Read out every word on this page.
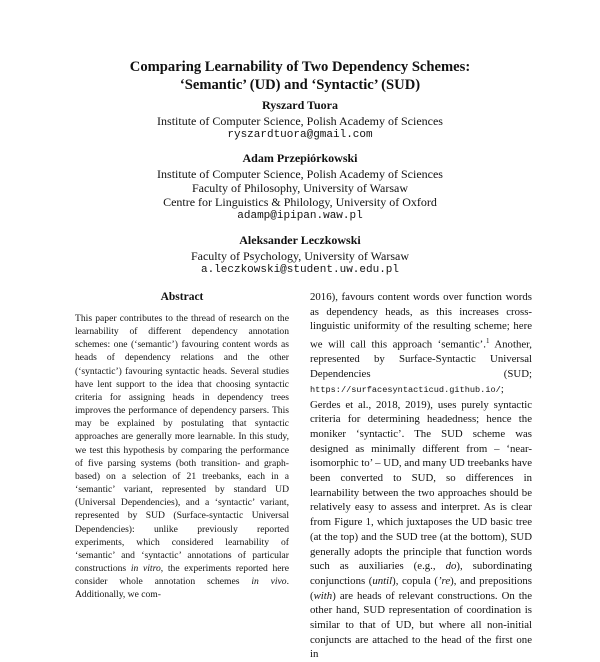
Comparing Learnability of Two Dependency Schemes:
‘Semantic’ (UD) and ‘Syntactic’ (SUD)
Ryszard Tuora
Institute of Computer Science, Polish Academy of Sciences
ryszardtuora@gmail.com
Adam Przepiórkowski
Institute of Computer Science, Polish Academy of Sciences
Faculty of Philosophy, University of Warsaw
Centre for Linguistics & Philology, University of Oxford
adamp@ipipan.waw.pl
Aleksander Leczkowski
Faculty of Psychology, University of Warsaw
a.leczkowski@student.uw.edu.pl
Abstract
This paper contributes to the thread of research on the learnability of different dependency annotation schemes: one (‘semantic’) favouring content words as heads of dependency relations and the other (‘syntactic’) favouring syntactic heads. Several studies have lent support to the idea that choosing syntactic criteria for assigning heads in dependency trees improves the performance of dependency parsers. This may be explained by postulating that syntactic approaches are generally more learnable. In this study, we test this hypothesis by comparing the performance of five parsing systems (both transition- and graph-based) on a selection of 21 treebanks, each in a ‘semantic’ variant, represented by standard UD (Universal Dependencies), and a ‘syntactic’ variant, represented by SUD (Surface-syntactic Universal Dependencies): unlike previously reported experiments, which considered learnability of ‘semantic’ and ‘syntactic’ annotations of particular constructions in vitro, the experiments reported here consider whole annotation schemes in vivo. Additionally, we com-
2016), favours content words over function words as dependency heads, as this increases cross-linguistic uniformity of the resulting scheme; here we will call this approach ‘semantic’.$^1$ Another, represented by Surface-Syntactic Universal Dependencies (SUD; https://surfacesyntacticud.github.io/; Gerdes et al., 2018, 2019), uses purely syntactic criteria for determining headedness; hence the moniker ‘syntactic’. The SUD scheme was designed as minimally different from – ‘near-isomorphic to’ – UD, and many UD treebanks have been converted to SUD, so differences in learnability between the two approaches should be relatively easy to assess and interpret. As is clear from Figure 1, which juxtaposes the UD basic tree (at the top) and the SUD tree (at the bottom), SUD generally adopts the principle that function words such as auxiliaries (e.g., do), subordinating conjunctions (until), copula (’re), and prepositions (with) are heads of relevant constructions. On the other hand, SUD representation of coordination is similar to that of UD, but where all non-initial conjuncts are attached to the head of the first one in
